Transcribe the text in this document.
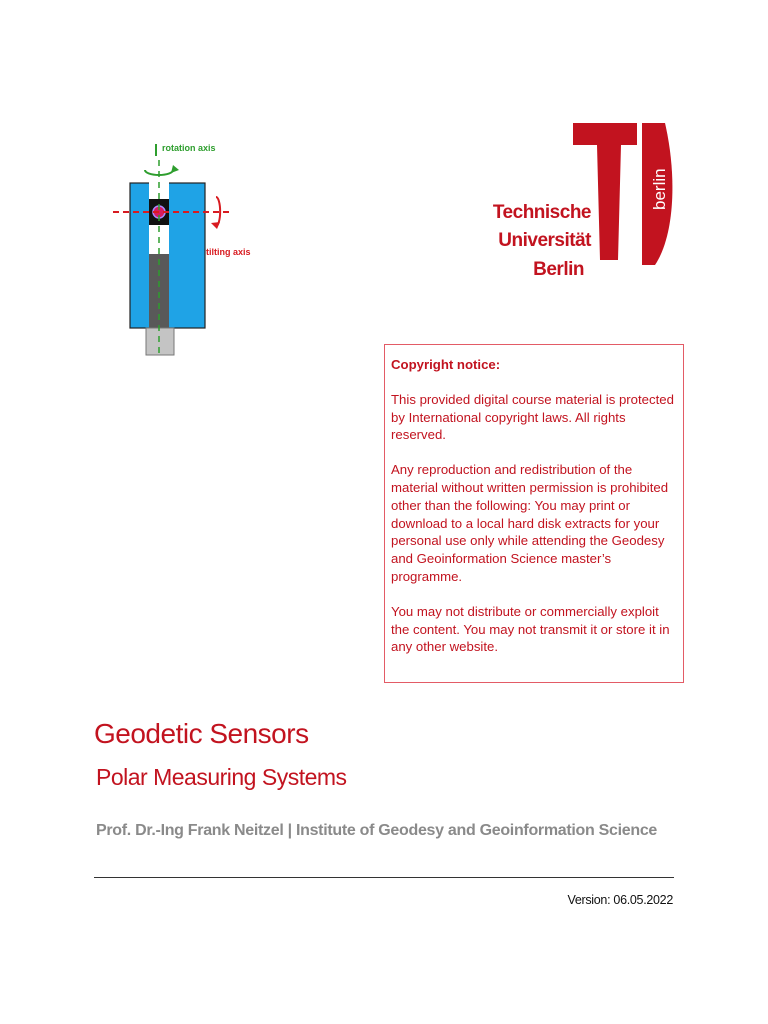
rotation axis
tilting axis
berlin
Technische
Universität
Berlin
Copyright notice:

This provided digital course material is protected by International copyright laws. All rights reserved.

Any reproduction and redistribution of the material without written permission is prohibited other than the following: You may print or download to a local hard disk extracts for your personal use only while attending the Geodesy and Geoinformation Science master’s programme.

You may not distribute or commercially exploit the content. You may not transmit it or store it in any other website.

Geodetic Sensors
Polar Measuring Systems
Prof. Dr.-Ing Frank Neitzel | Institute of Geodesy and Geoinformation Science
Version: 06.05.2022
